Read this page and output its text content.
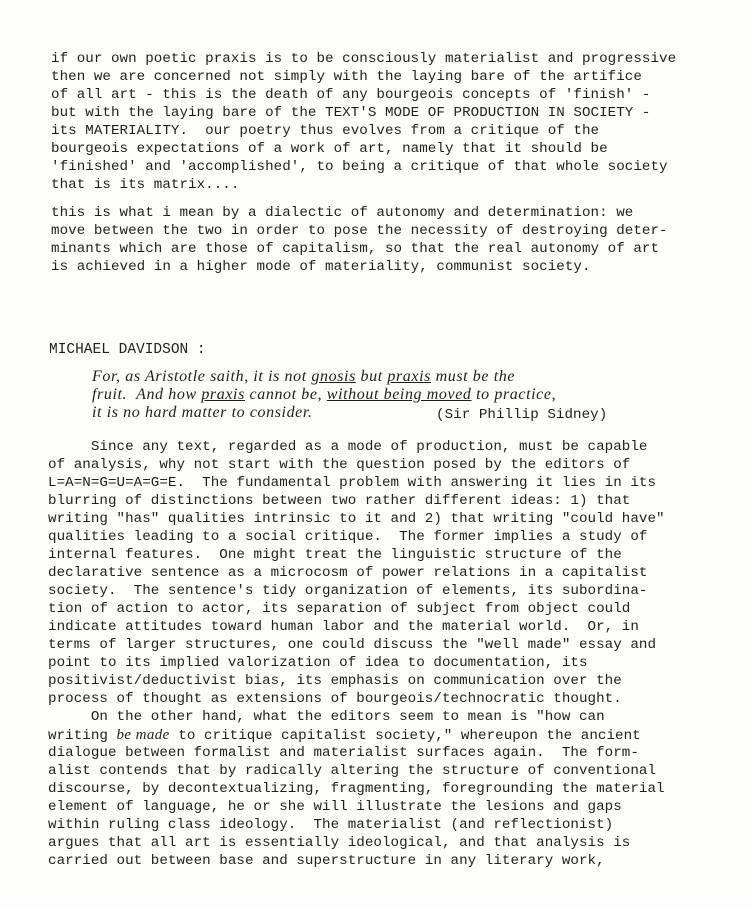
if our own poetic praxis is to be consciously materialist and progressive
then we are concerned not simply with the laying bare of the artifice
of all art - this is the death of any bourgeois concepts of 'finish' -
but with the laying bare of the TEXT'S MODE OF PRODUCTION IN SOCIETY -
its MATERIALITY.  our poetry thus evolves from a critique of the
bourgeois expectations of a work of art, namely that it should be
'finished' and 'accomplished', to being a critique of that whole society
that is its matrix....
this is what i mean by a dialectic of autonomy and determination: we
move between the two in order to pose the necessity of destroying deter-
minants which are those of capitalism, so that the real autonomy of art
is achieved in a higher mode of materiality, communist society.
MICHAEL DAVIDSON :
For, as Aristotle saith, it is not gnosis but praxis must be the
fruit.  And how praxis cannot be, without being moved to practice,
it is no hard matter to consider.	(Sir Phillip Sidney)
Since any text, regarded as a mode of production, must be capable
of analysis, why not start with the question posed by the editors of
L=A=N=G=U=A=G=E.  The fundamental problem with answering it lies in its
blurring of distinctions between two rather different ideas: 1) that
writing "has" qualities intrinsic to it and 2) that writing "could have"
qualities leading to a social critique.  The former implies a study of
internal features.  One might treat the linguistic structure of the
declarative sentence as a microcosm of power relations in a capitalist
society.  The sentence's tidy organization of elements, its subordina-
tion of action to actor, its separation of subject from object could
indicate attitudes toward human labor and the material world.  Or, in
terms of larger structures, one could discuss the "well made" essay and
point to its implied valorization of idea to documentation, its
positivist/deductivist bias, its emphasis on communication over the
process of thought as extensions of bourgeois/technocratic thought.
On the other hand, what the editors seem to mean is "how can
writing be made to critique capitalist society," whereupon the ancient
dialogue between formalist and materialist surfaces again.  The form-
alist contends that by radically altering the structure of conventional
discourse, by decontextualizing, fragmenting, foregrounding the material
element of language, he or she will illustrate the lesions and gaps
within ruling class ideology.  The materialist (and reflectionist)
argues that all art is essentially ideological, and that analysis is
carried out between base and superstructure in any literary work,
